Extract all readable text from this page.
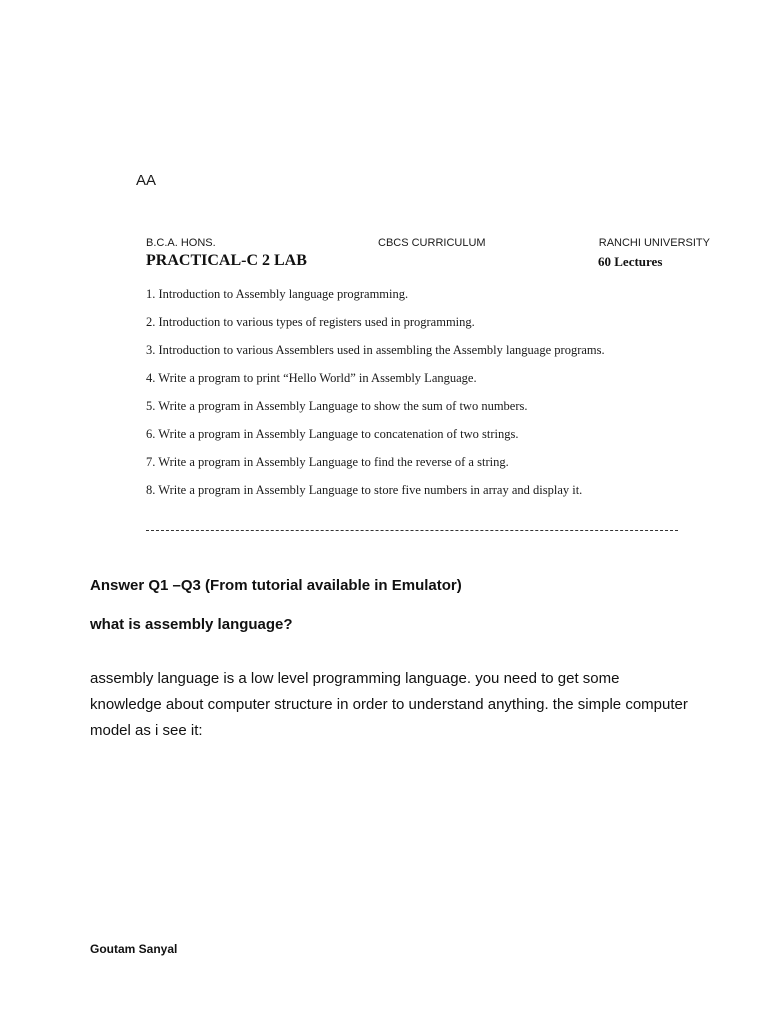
AA
B.C.A. HONS.	CBCS CURRICULUM	RANCHI UNIVERSITY
PRACTICAL-C 2 LAB	60 Lectures
1. Introduction to Assembly language programming.
2. Introduction to various types of registers used in programming.
3. Introduction to various Assemblers used in assembling the Assembly language programs.
4. Write a program to print “Hello World” in Assembly Language.
5. Write a program in Assembly Language to show the sum of two numbers.
6. Write a program in Assembly Language to concatenation of two strings.
7. Write a program in Assembly Language to find the reverse of a string.
8. Write a program in Assembly Language to store five numbers in array and display it.
Answer Q1 –Q3 (From tutorial available in Emulator)
what is assembly language?

assembly language is a low level programming language. you need to get some knowledge about computer structure in order to understand anything. the simple computer model as i see it:

Goutam Sanyal
